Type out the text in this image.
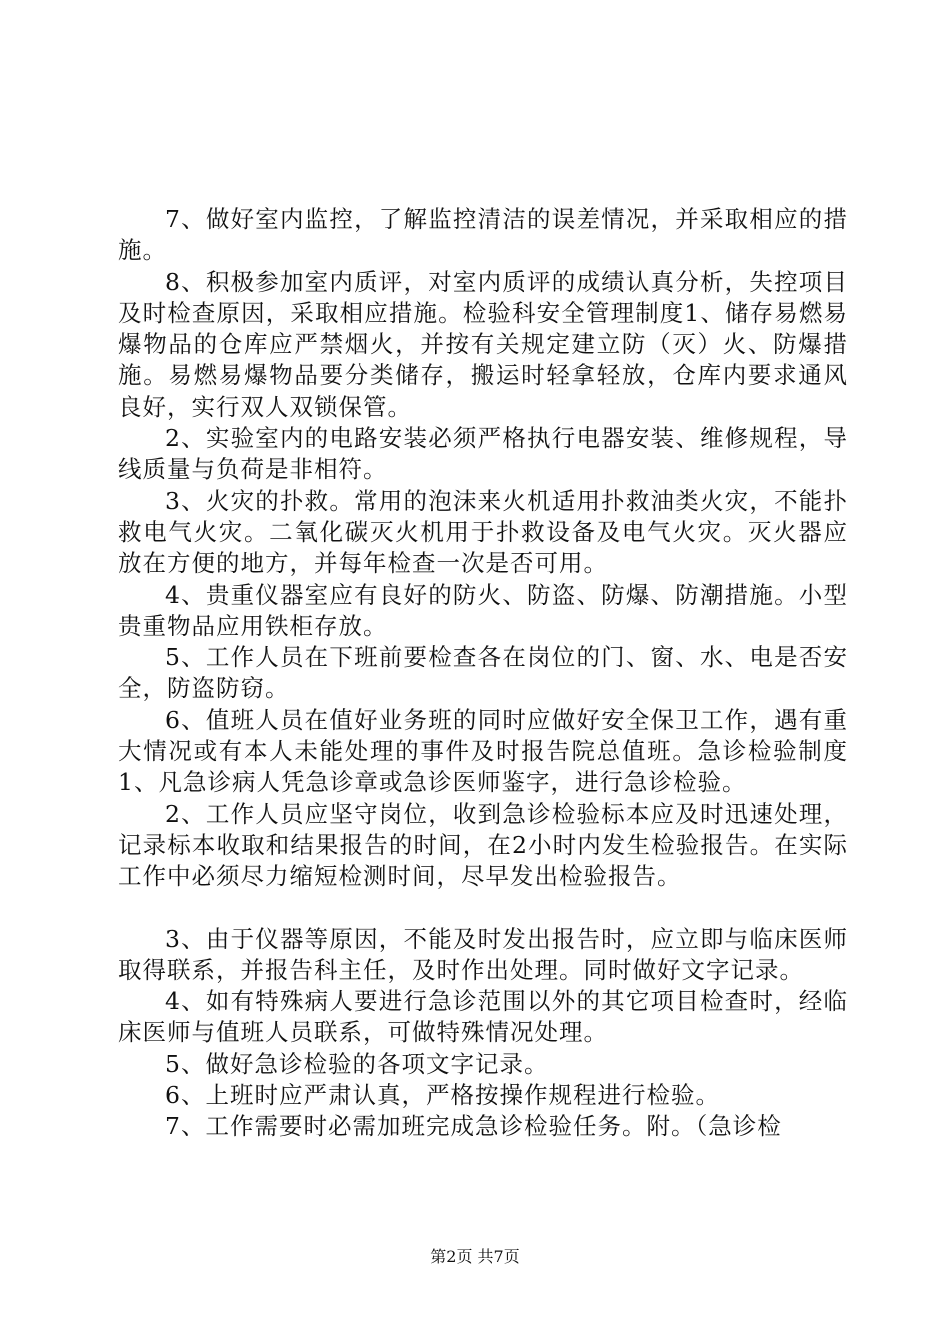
7、做好室内监控，了解监控清洁的误差情况，并采取相应的措施。

8、积极参加室内质评，对室内质评的成绩认真分析，失控项目及时检查原因，采取相应措施。检验科安全管理制度1、储存易燃易爆物品的仓库应严禁烟火，并按有关规定建立防（灭）火、防爆措施。易燃易爆物品要分类储存，搬运时轻拿轻放，仓库内要求通风良好，实行双人双锁保管。

2、实验室内的电路安装必须严格执行电器安装、维修规程，导线质量与负荷是非相符。

3、火灾的扑救。常用的泡沫来火机适用扑救油类火灾，不能扑救电气火灾。二氧化碳灭火机用于扑救设备及电气火灾。灭火器应放在方便的地方，并每年检查一次是否可用。

4、贵重仪器室应有良好的防火、防盗、防爆、防潮措施。小型贵重物品应用铁柜存放。

5、工作人员在下班前要检查各在岗位的门、窗、水、电是否安全，防盗防窃。

6、值班人员在值好业务班的同时应做好安全保卫工作，遇有重大情况或有本人未能处理的事件及时报告院总值班。急诊检验制度1、凡急诊病人凭急诊章或急诊医师鉴字，进行急诊检验。

2、工作人员应坚守岗位，收到急诊检验标本应及时迅速处理，记录标本收取和结果报告的时间，在2小时内发生检验报告。在实际工作中必须尽力缩短检测时间，尽早发出检验报告。

3、由于仪器等原因，不能及时发出报告时，应立即与临床医师取得联系，并报告科主任，及时作出处理。同时做好文字记录。

4、如有特殊病人要进行急诊范围以外的其它项目检查时，经临床医师与值班人员联系，可做特殊情况处理。

5、做好急诊检验的各项文字记录。

6、上班时应严肃认真，严格按操作规程进行检验。

7、工作需要时必需加班完成急诊检验任务。附。（急诊检

第2页 共7页
